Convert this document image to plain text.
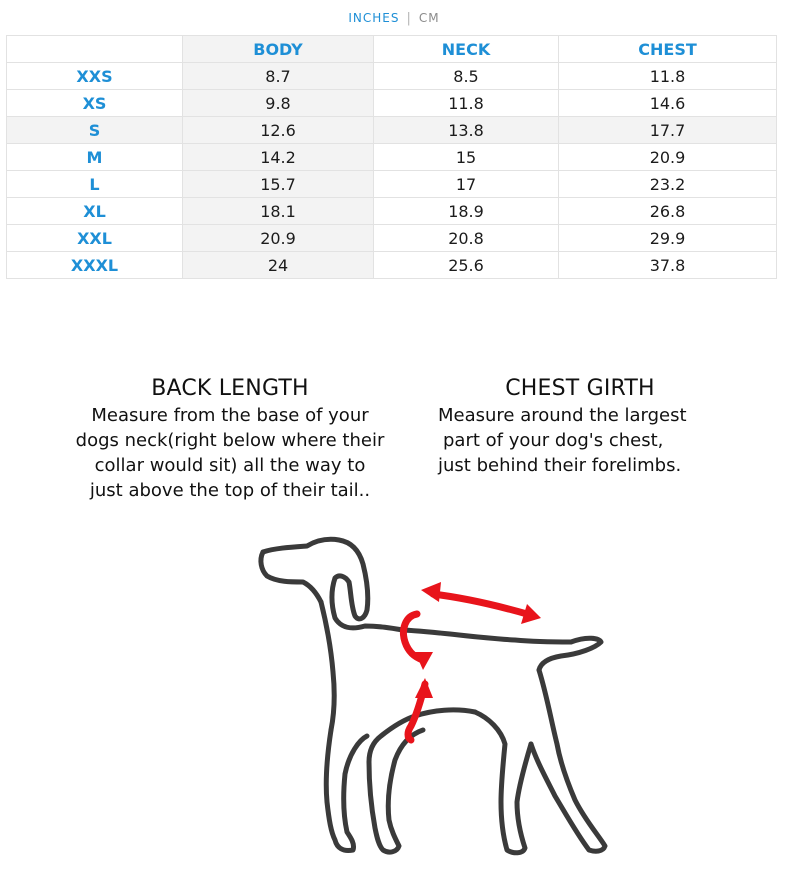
INCHES | CM
	BODY	NECK	CHEST
XXS	8.7	8.5	11.8
XS	9.8	11.8	14.6
S	12.6	13.8	17.7
M	14.2	15	20.9
L	15.7	17	23.2
XL	18.1	18.9	26.8
XXL	20.9	20.8	29.9
XXXL	24	25.6	37.8
BACK LENGTH

Measure from the base of your
dogs neck(right below where their
collar would sit) all the way to
just above the top of their tail..

CHEST GIRTH

Measure around the largest
part of your dog's chest,
just behind their forelimbs.
